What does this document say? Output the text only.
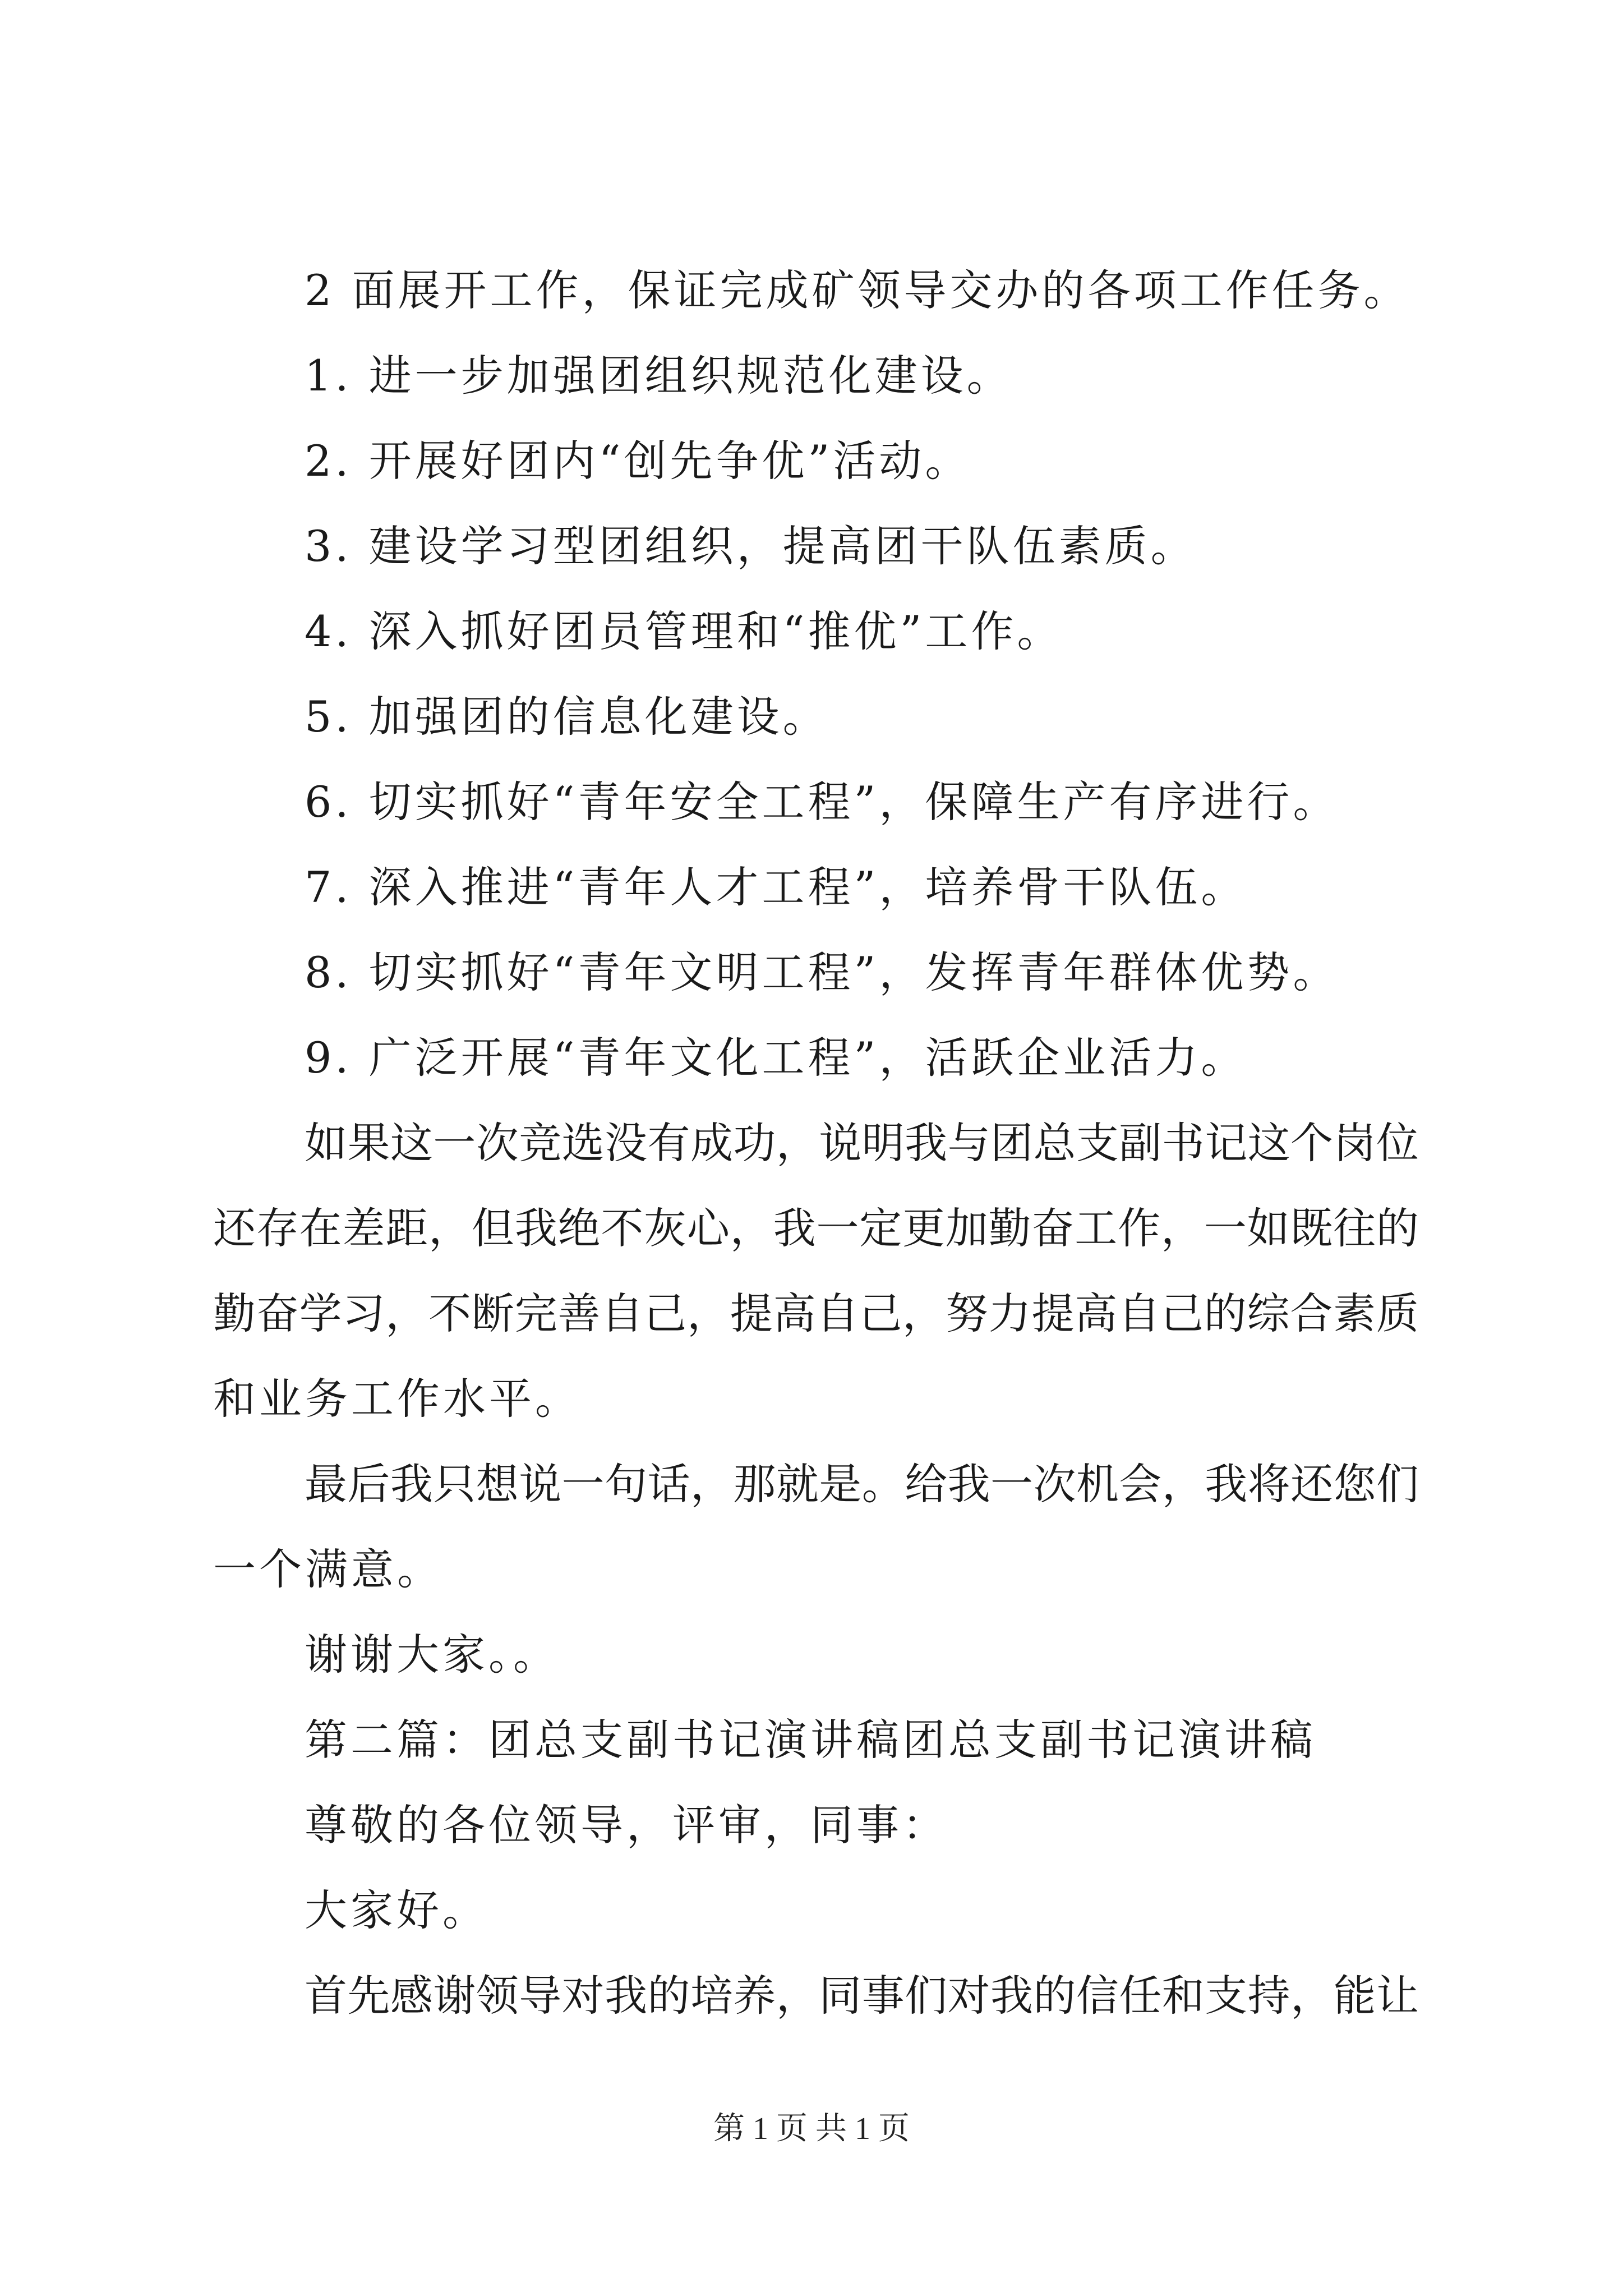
2 面展开工作，保证完成矿领导交办的各项工作任务。
1. 进一步加强团组织规范化建设。
2. 开展好团内“创先争优”活动。
3. 建设学习型团组织，提高团干队伍素质。
4. 深入抓好团员管理和“推优”工作。
5. 加强团的信息化建设。
6. 切实抓好“青年安全工程”，保障生产有序进行。
7. 深入推进“青年人才工程”，培养骨干队伍。
8. 切实抓好“青年文明工程”，发挥青年群体优势。
9. 广泛开展“青年文化工程”，活跃企业活力。
如果这一次竞选没有成功，说明我与团总支副书记这个岗位
还存在差距，但我绝不灰心，我一定更加勤奋工作，一如既往的
勤奋学习，不断完善自己，提高自己，努力提高自己的综合素质
和业务工作水平。
最后我只想说一句话，那就是。给我一次机会，我将还您们
一个满意。
谢谢大家。。
第二篇：团总支副书记演讲稿团总支副书记演讲稿
尊敬的各位领导，评审，同事：
大家好。
首先感谢领导对我的培养，同事们对我的信任和支持，能让
第 1 页 共 1 页
